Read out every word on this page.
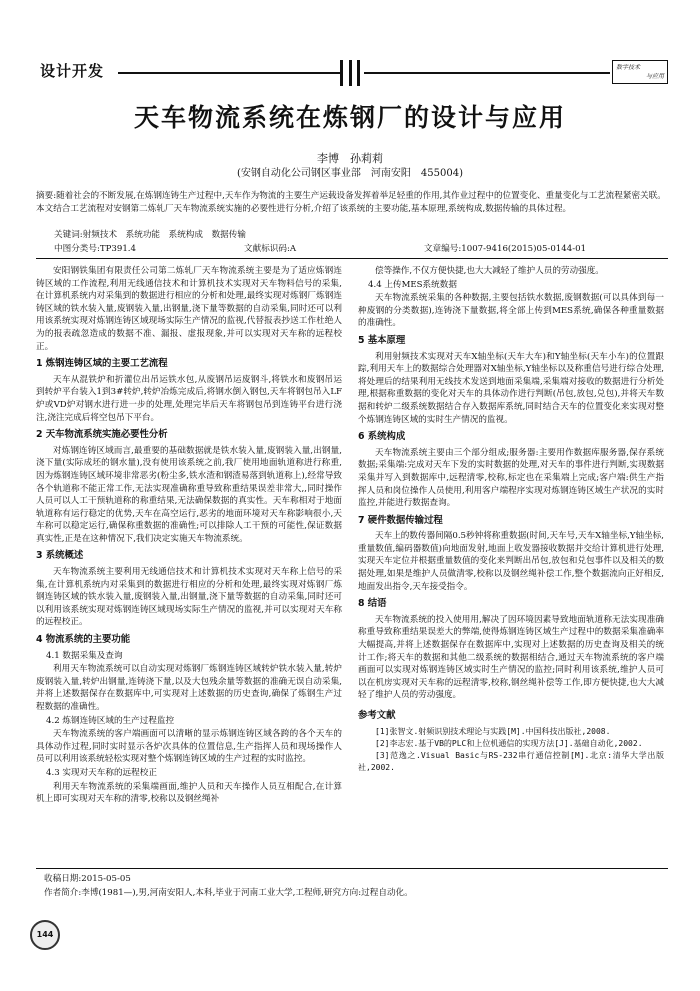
设计开发	数字技术
与应用
天车物流系统在炼钢厂的设计与应用
李博　孙莉莉
(安钢自动化公司钢区事业部　河南安阳　455004)
摘要:随着社会的不断发展,在炼钢连铸生产过程中,天车作为物流的主要生产运载设备发挥着举足轻重的作用,其作业过程中的位置变化、重量变化与工艺流程紧密关联。本文结合工艺流程对安钢第二炼轧厂天车物流系统实施的必要性进行分析,介绍了该系统的主要功能,基本原理,系统构成,数据传输的具体过程。
关键词:射频技术　系统功能　系统构成　数据传输
中图分类号:TP391.4	文献标识码:A	文章编号:1007-9416(2015)05-0144-01

安阳钢铁集团有限责任公司第二炼轧厂天车物流系统主要是为了适应炼钢连铸区域的工作流程,利用无线通信技术和计算机技术实现对天车物料信号的采集,在计算机系统内对采集到的数据进行相应的分析和处理,最终实现对炼钢厂炼钢连铸区域的铁水装入量,废钢装入量,出钢量,浇下量等数据的自动采集,同时还可以利用该系统实现对炼钢连铸区域现场实际生产情况的监视,代替报表抄送工作杜绝人为的报表疏忽造成的数据不准、漏报、虚报现象,并可以实现对天车称的远程校正。

1 炼钢连铸区域的主要工艺流程

天车从混铁炉和折灌位出吊运铁水包,从废钢吊运废钢斗,将铁水和废钢吊运到转炉平台装入1到3#转炉,转炉冶炼完成后,将钢水倒入钢包,天车将钢包吊入LF炉或VD炉对钢水进行进一步的处理,处理完毕后天车将钢包吊到连铸平台进行浇注,浇注完成后将空包吊下平台。

2 天车物流系统实施必要性分析

对炼钢连铸区域而言,最重要的基础数据就是铁水装入量,废钢装入量,出钢量,浇下量(实际成坯的钢水量),没有使用该系统之前,我厂使用地面轨道称进行称重,因为炼钢连铸区域环境非常恶劣(粉尘多,铁水渣和钢渣易落到轨道称上),经常导致各个轨道称不能正常工作,无法实现准确称重导致称重结果误差非常大,,同时操作人员可以人工干预轨道称的称重结果,无法确保数据的真实性。天车称相对于地面轨道称有运行稳定的优势,天车在高空运行,恶劣的地面环境对天车称影响很小,天车称可以稳定运行,确保称重数据的准确性;可以排除人工干预的可能性,保证数据真实性,正是在这种情况下,我们决定实施天车物流系统。

3 系统概述

天车物流系统主要利用无线通信技术和计算机技术实现对天车称上信号的采集,在计算机系统内对采集到的数据进行相应的分析和处理,最终实现对炼钢厂炼钢连铸区域的铁水装入量,废钢装入量,出钢量,浇下量等数据的自动采集,同时还可以利用该系统实现对炼钢连铸区域现场实际生产情况的监视,并可以实现对天车称的远程校正。

4 物流系统的主要功能

4.1 数据采集及查询

利用天车物流系统可以自动实现对炼钢厂炼钢连铸区域转炉铁水装入量,转炉废钢装入量,转炉出钢量,连铸浇下量,以及大包残余量等数据的准确无误自动采集,并将上述数据保存在数据库中,可实现对上述数据的历史查询,确保了炼钢生产过程数据的准确性。

4.2 炼钢连铸区域的生产过程监控

天车物流系统的客户端画面可以清晰的显示炼钢连铸区域各跨的各个天车的具体动作过程,同时实时显示各炉次具体的位置信息,生产指挥人员和现场操作人员可以利用该系统轻松实现对整个炼钢连铸区域的生产过程的实时监控。

4.3 实现对天车称的远程校正

利用天车物流系统的采集端画面,维护人员和天车操作人员互相配合,在计算机上即可实现对天车称的清零,校称以及钢丝绳补

偿等操作,不仅方便快捷,也大大减轻了维护人员的劳动强度。

4.4 上传MES系统数据

天车物流系统采集的各种数据,主要包括铁水数据,废钢数据(可以具体到每一种废钢的分类数据),连铸浇下量数据,将全部上传到MES系统,确保各种重量数据的准确性。

5 基本原理

利用射频技术实现对天车X轴坐标(天车大车)和Y轴坐标(天车小车)的位置跟踪,利用天车上的数据综合处理器对X轴坐标,Y轴坐标以及称重信号进行综合处理,将处理后的结果利用无线技术发送到地面采集端,采集端对接收的数据进行分析处理,根据称重数据的变化对天车的具体动作进行判断(吊包,放包,兑包),并将天车数据和转炉二级系统数据结合存入数据库系统,同时结合天车的位置变化来实现对整个炼钢连铸区域的实时生产情况的监视。

6 系统构成

天车物流系统主要由三个部分组成;服务器:主要用作数据库服务器,保存系统数据;采集端:完成对天车下发的实时数据的处理,对天车的事件进行判断,实现数据采集并写入到数据库中,远程清零,校称,标定也在采集端上完成;客户端:供生产指挥人员和岗位操作人员使用,利用客户端程序实现对炼钢连铸区域生产状况的实时监控,并能进行数据查询。

7 硬件数据传输过程

天车上的数传器间隔0.5秒钟将称重数据(时间,天车号,天车X轴坐标,Y轴坐标,重量数值,编码器数值)向地面发射,地面上收发器接收数据并交给计算机进行处理,实现天车定位并根据重量数值的变化来判断出吊包,放包和兑包事件以及相关的数据处理,如果是维护人员做清零,校称以及钢丝绳补偿工作,整个数据流向正好相反,地面发出指令,天车接受指令。

8 结语

天车物流系统的投入使用用,解决了因环境因素导致地面轨道称无法实现准确称重导致称重结果误差大的弊端,使得炼钢连铸区域生产过程中的数据采集准确率大幅提高,并将上述数据保存在数据库中,实现对上述数据的历史查询及相关的统计工作;将天车的数据和其他二级系统的数据相结合,通过天车物流系统的客户端画面可以实现对炼钢连铸区域实时生产情况的监控;同时利用该系统,维护人员可以在机房实现对天车称的远程清零,校称,钢丝绳补偿等工作,即方便快捷,也大大减轻了维护人员的劳动强度。

参考文献

[1]张智文.射频识别技术理论与实践[M].中国科技出版社,2008.

[2]李志宏.基于VB的PLC和上位机通信的实现方法[J].基础自动化,2002.

[3]范逸之.Visual Basic与RS-232串行通信控制[M].北京:清华大学出版社,2002.

收稿日期:2015-05-05
作者简介:李博(1981—),男,河南安阳人,本科,毕业于河南工业大学,工程师,研究方向:过程自动化。
144
